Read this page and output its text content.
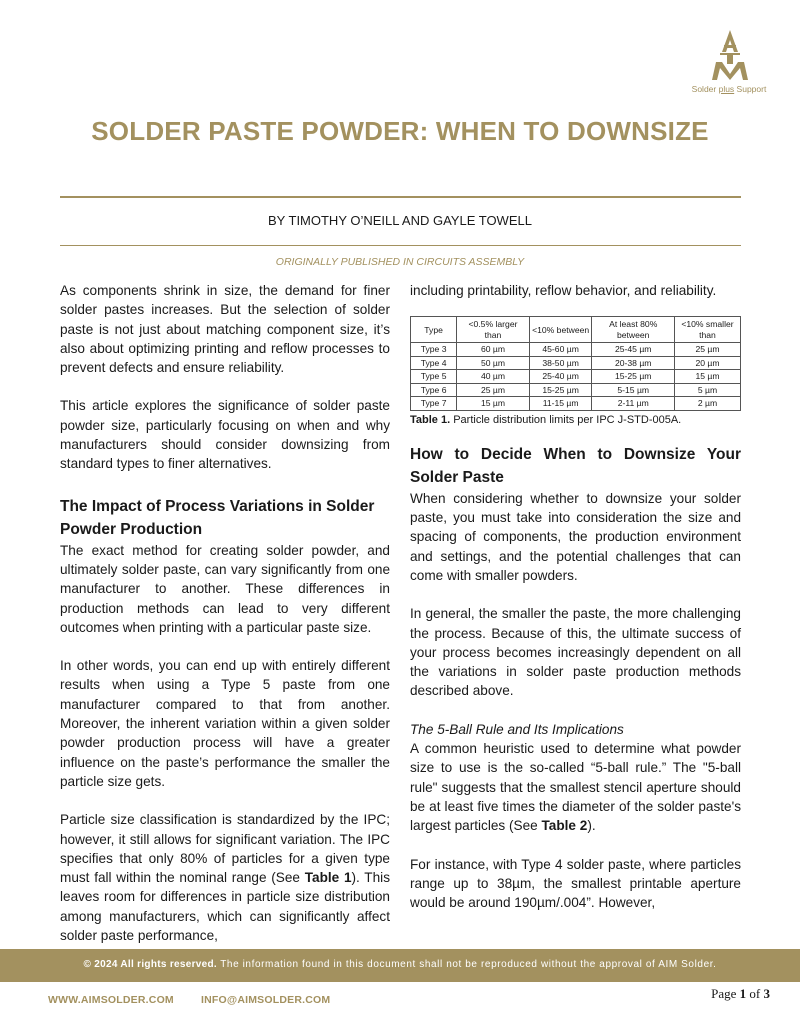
Solder plus Support
SOLDER PASTE POWDER: WHEN TO DOWNSIZE
BY TIMOTHY O’NEILL AND GAYLE TOWELL
ORIGINALLY PUBLISHED IN CIRCUITS ASSEMBLY

As components shrink in size, the demand for finer solder pastes increases. But the selection of solder paste is not just about matching component size, it’s also about optimizing printing and reflow processes to prevent defects and ensure reliability.

This article explores the significance of solder paste powder size, particularly focusing on when and why manufacturers should consider downsizing from standard types to finer alternatives.

The Impact of Process Variations in Solder Powder Production

The exact method for creating solder powder, and ultimately solder paste, can vary significantly from one manufacturer to another. These differences in production methods can lead to very different outcomes when printing with a particular paste size.

In other words, you can end up with entirely different results when using a Type 5 paste from one manufacturer compared to that from another. Moreover, the inherent variation within a given solder powder production process will have a greater influence on the paste’s performance the smaller the particle size gets.

Particle size classification is standardized by the IPC; however, it still allows for significant variation. The IPC specifies that only 80% of particles for a given type must fall within the nominal range (See Table 1). This leaves room for differences in particle size distribution among manufacturers, which can significantly affect solder paste performance,

including printability, reflow behavior, and reliability.

Type	<0.5% larger than	<10% between	At least 80% between	<10% smaller than
Type 3	60 µm	45-60 µm	25-45 µm	25 µm
Type 4	50 µm	38-50 µm	20-38 µm	20 µm
Type 5	40 µm	25-40 µm	15-25 µm	15 µm
Type 6	25 µm	15-25 µm	5-15 µm	5 µm
Type 7	15 µm	11-15 µm	2-11 µm	2 µm
Table 1. Particle distribution limits per IPC J-STD-005A.
How to Decide When to Downsize Your Solder Paste

When considering whether to downsize your solder paste, you must take into consideration the size and spacing of components, the production environment and settings, and the potential challenges that can come with smaller powders.

In general, the smaller the paste, the more challenging the process. Because of this, the ultimate success of your process becomes increasingly dependent on all the variations in solder paste production methods described above.

The 5-Ball Rule and Its Implications

A common heuristic used to determine what powder size to use is the so-called “5-ball rule.” The "5-ball rule" suggests that the smallest stencil aperture should be at least five times the diameter of the solder paste's largest particles (See Table 2).

For instance, with Type 4 solder paste, where particles range up to 38µm, the smallest printable aperture would be around 190µm/.004”. However,

© 2024 All rights reserved. The information found in this document shall not be reproduced without the approval of AIM Solder.
WWW.AIMSOLDER.COM	INFO@AIMSOLDER.COM	Page 1 of 3
